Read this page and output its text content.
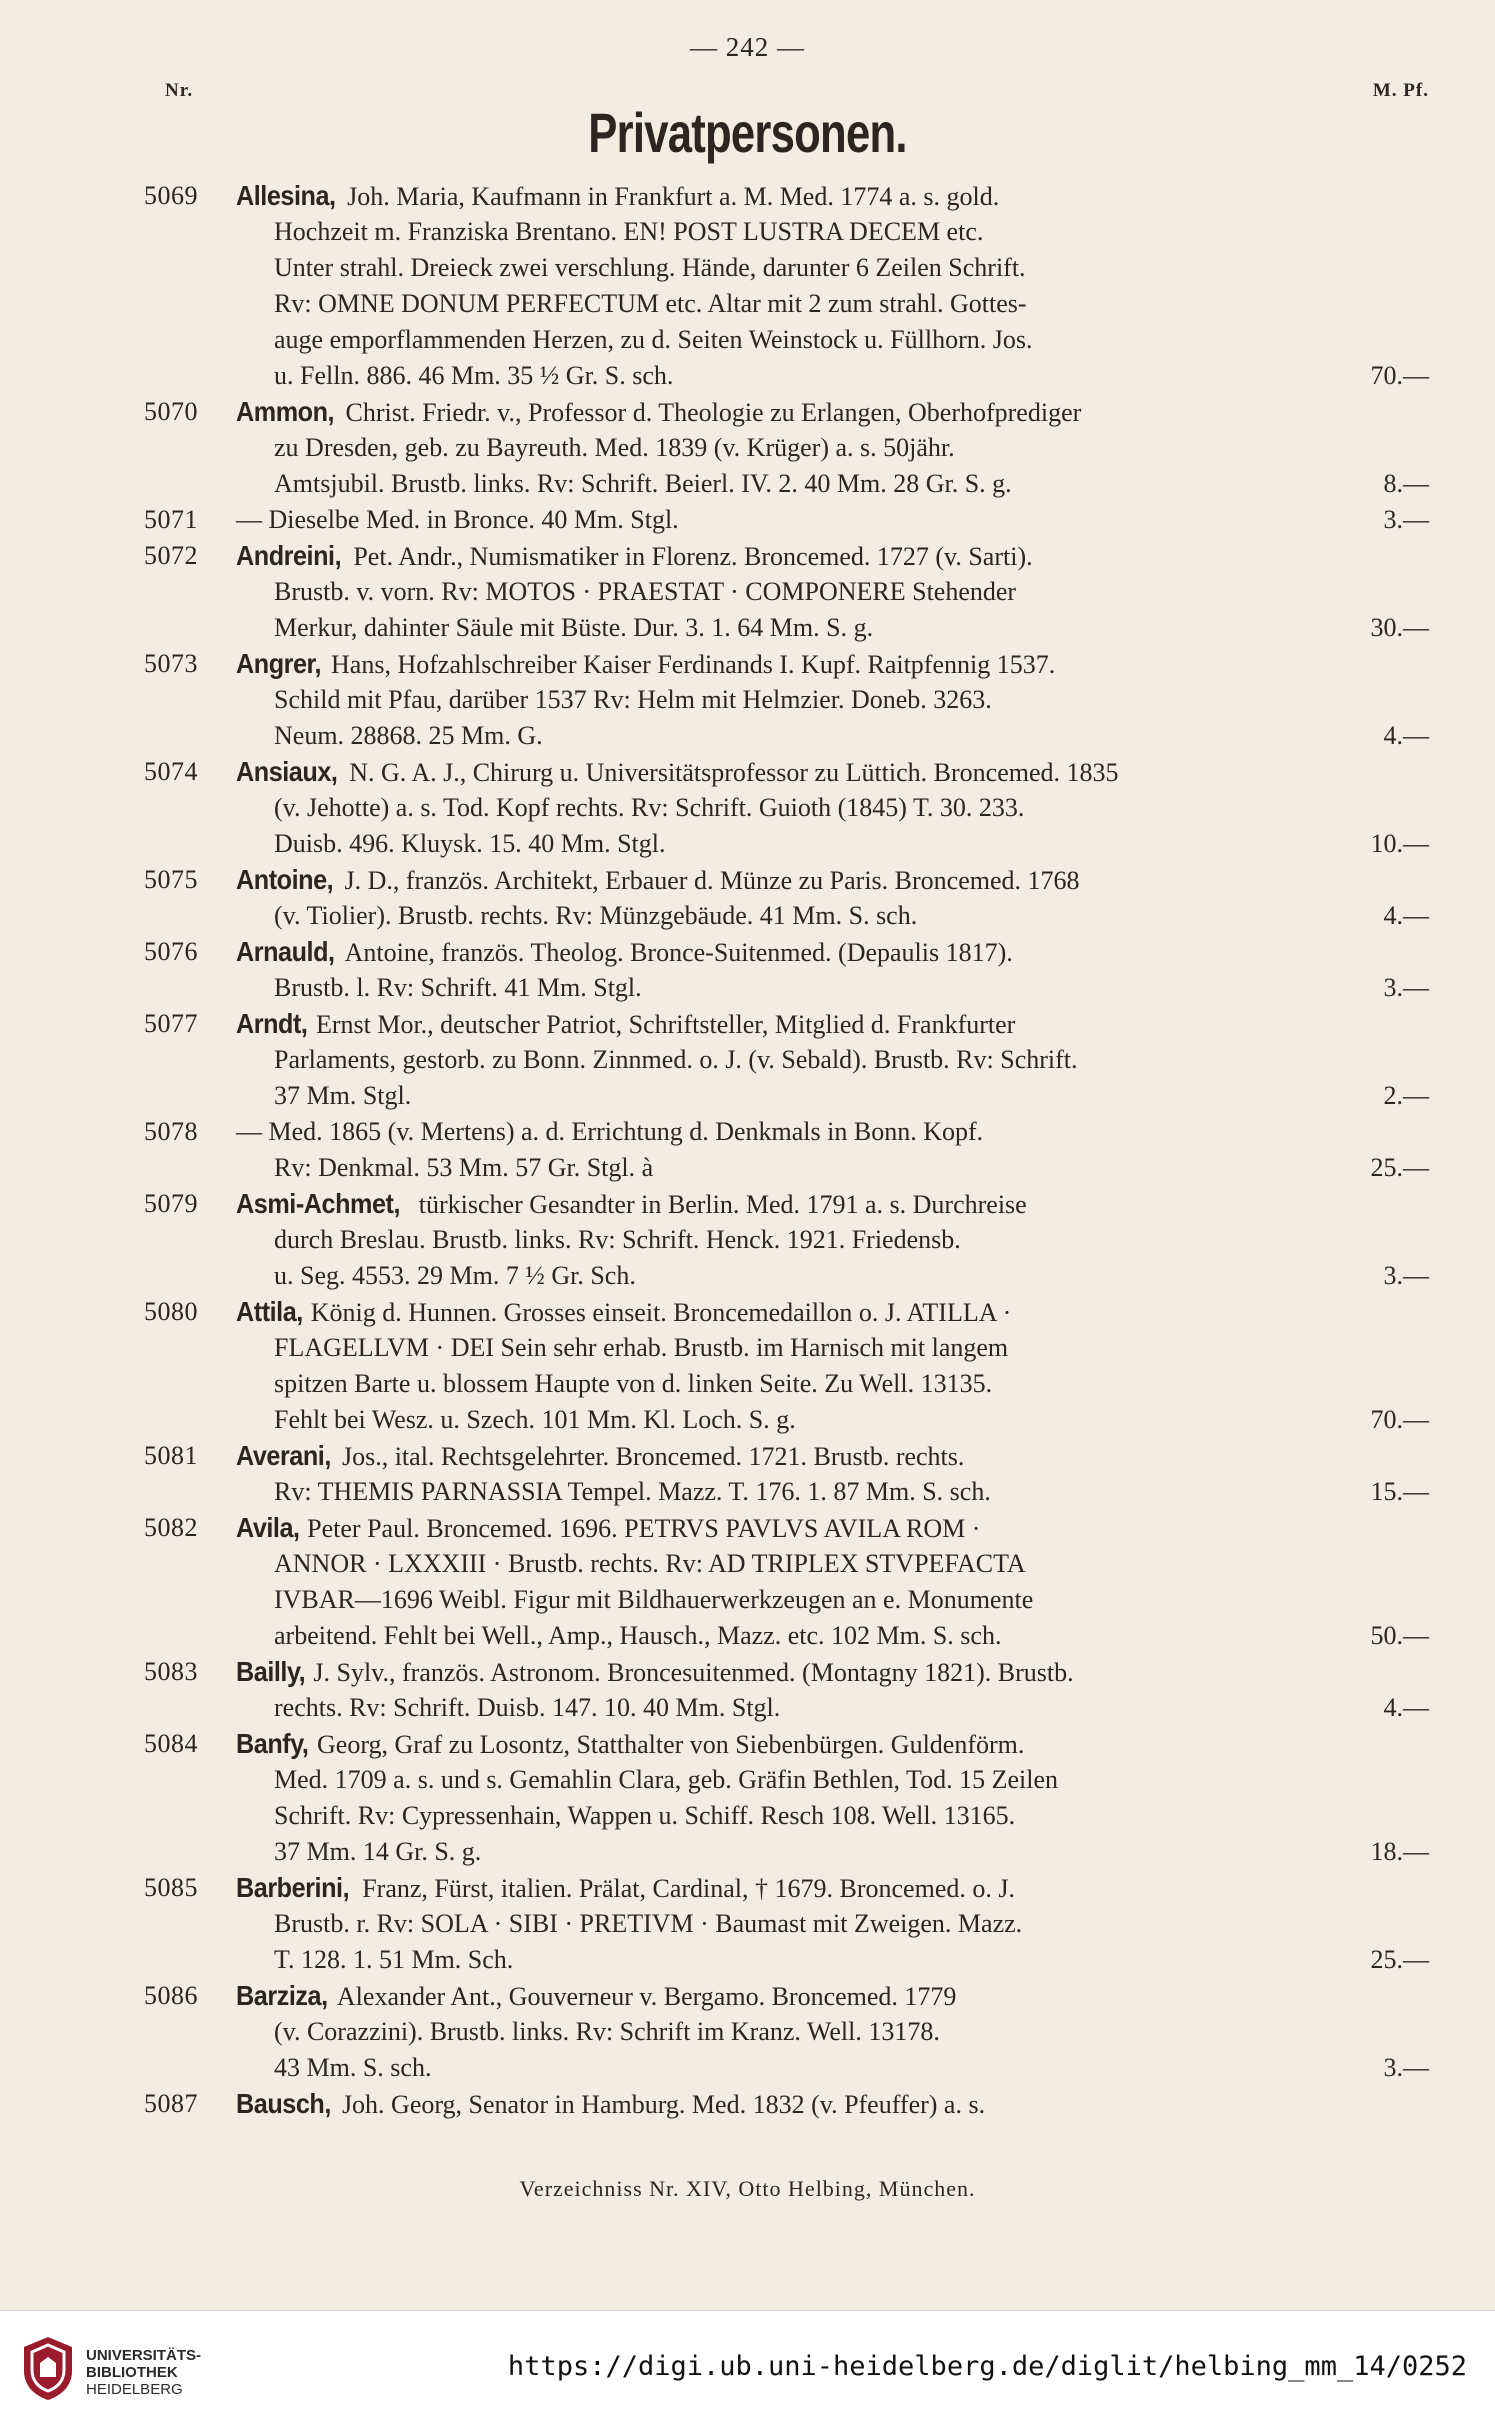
— 242 —
Nr.	M. Pf.
Privatpersonen.
5069 Allesina, Joh. Maria, Kaufmann in Frankfurt a. M. Med. 1774 a. s. gold.
Hochzeit m. Franziska Brentano. EN! POST LUSTRA DECEM etc.
Unter strahl. Dreieck zwei verschlung. Hände, darunter 6 Zeilen Schrift.
Rv: OMNE DONUM PERFECTUM etc. Altar mit 2 zum strahl. Gottes-
auge emporflammenden Herzen, zu d. Seiten Weinstock u. Füllhorn. Jos.
u. Felln. 886. 46 Mm. 35 ½ Gr. S. sch.	70.—
5070 Ammon, Christ. Friedr. v., Professor d. Theologie zu Erlangen, Oberhofprediger
zu Dresden, geb. zu Bayreuth. Med. 1839 (v. Krüger) a. s. 50jähr.
Amtsjubil. Brustb. links. Rv: Schrift. Beierl. IV. 2. 40 Mm. 28 Gr. S. g.	8.—
5071 — Dieselbe Med. in Bronce. 40 Mm. Stgl.	3.—
5072 Andreini, Pet. Andr., Numismatiker in Florenz. Broncemed. 1727 (v. Sarti).
Brustb. v. vorn. Rv: MOTOS · PRAESTAT · COMPONERE Stehender
Merkur, dahinter Säule mit Büste. Dur. 3. 1. 64 Mm. S. g.	30.—
5073 Angrer, Hans, Hofzahlschreiber Kaiser Ferdinands I. Kupf. Raitpfennig 1537.
Schild mit Pfau, darüber 1537 Rv: Helm mit Helmzier. Doneb. 3263.
Neum. 28868. 25 Mm. G.	4.—
5074 Ansiaux, N. G. A. J., Chirurg u. Universitätsprofessor zu Lüttich. Broncemed. 1835
(v. Jehotte) a. s. Tod. Kopf rechts. Rv: Schrift. Guioth (1845) T. 30. 233.
Duisb. 496. Kluysk. 15. 40 Mm. Stgl.	10.—
5075 Antoine, J. D., französ. Architekt, Erbauer d. Münze zu Paris. Broncemed. 1768
(v. Tiolier). Brustb. rechts. Rv: Münzgebäude. 41 Mm. S. sch.	4.—
5076 Arnauld, Antoine, französ. Theolog. Bronce-Suitenmed. (Depaulis 1817).
Brustb. l. Rv: Schrift. 41 Mm. Stgl.	3.—
5077 Arndt, Ernst Mor., deutscher Patriot, Schriftsteller, Mitglied d. Frankfurter
Parlaments, gestorb. zu Bonn. Zinnmed. o. J. (v. Sebald). Brustb. Rv: Schrift.
37 Mm. Stgl.	2.—
5078 — Med. 1865 (v. Mertens) a. d. Errichtung d. Denkmals in Bonn. Kopf.
Rv: Denkmal. 53 Mm. 57 Gr. Stgl. à	25.—
5079 Asmi-Achmet, türkischer Gesandter in Berlin. Med. 1791 a. s. Durchreise
durch Breslau. Brustb. links. Rv: Schrift. Henck. 1921. Friedensb.
u. Seg. 4553. 29 Mm. 7 ½ Gr. Sch.	3.—
5080 Attila, König d. Hunnen. Grosses einseit. Broncemedaillon o. J. ATILLA ·
FLAGELLVM · DEI Sein sehr erhab. Brustb. im Harnisch mit langem
spitzen Barte u. blossem Haupte von d. linken Seite. Zu Well. 13135.
Fehlt bei Wesz. u. Szech. 101 Mm. Kl. Loch. S. g.	70.—
5081 Averani, Jos., ital. Rechtsgelehrter. Broncemed. 1721. Brustb. rechts.
Rv: THEMIS PARNASSIA Tempel. Mazz. T. 176. 1. 87 Mm. S. sch.	15.—
5082 Avila, Peter Paul. Broncemed. 1696. PETRVS PAVLVS AVILA ROM ·
ANNOR · LXXXIII · Brustb. rechts. Rv: AD TRIPLEX STVPEFACTA
IVBAR—1696 Weibl. Figur mit Bildhauerwerkzeugen an e. Monumente
arbeitend. Fehlt bei Well., Amp., Hausch., Mazz. etc. 102 Mm. S. sch.	50.—
5083 Bailly, J. Sylv., französ. Astronom. Broncesuitenmed. (Montagny 1821). Brustb.
rechts. Rv: Schrift. Duisb. 147. 10. 40 Mm. Stgl.	4.—
5084 Banfy, Georg, Graf zu Losontz, Statthalter von Siebenbürgen. Guldenförm.
Med. 1709 a. s. und s. Gemahlin Clara, geb. Gräfin Bethlen, Tod. 15 Zeilen
Schrift. Rv: Cypressenhain, Wappen u. Schiff. Resch 108. Well. 13165.
37 Mm. 14 Gr. S. g.	18.—
5085 Barberini, Franz, Fürst, italien. Prälat, Cardinal, † 1679. Broncemed. o. J.
Brustb. r. Rv: SOLA · SIBI · PRETIVM · Baumast mit Zweigen. Mazz.
T. 128. 1. 51 Mm. Sch.	25.—
5086 Barziza, Alexander Ant., Gouverneur v. Bergamo. Broncemed. 1779
(v. Corazzini). Brustb. links. Rv: Schrift im Kranz. Well. 13178.
43 Mm. S. sch.	3.—
5087 Bausch, Joh. Georg, Senator in Hamburg. Med. 1832 (v. Pfeuffer) a. s.
Verzeichniss Nr. XIV, Otto Helbing, München.
UNIVERSITÄTS-
BIBLIOTHEK
HEIDELBERG
https://digi.ub.uni-heidelberg.de/diglit/helbing_mm_14/0252
